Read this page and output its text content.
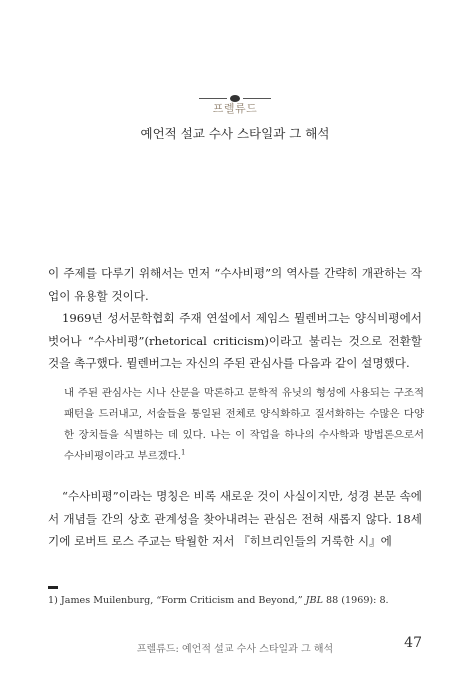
프렐류드
예언적 설교 수사 스타일과 그 해석

이 주제를 다루기 위해서는 먼저 “수사비평”의 역사를 간략히 개관하는 작업이 유용할 것이다.

1969년 성서문학협회 주재 연설에서 제임스 뮐렌버그는 양식비평에서 벗어나 “수사비평”(rhetorical criticism)이라고 불리는 것으로 전환할 것을 촉구했다. 뮐렌버그는 자신의 주된 관심사를 다음과 같이 설명했다.

내 주된 관심사는 시나 산문을 막론하고 문학적 유닛의 형성에 사용되는 구조적 패턴을 드러내고, 서술들을 통일된 전체로 양식화하고 질서화하는 수많은 다양한 장치들을 식별하는 데 있다. 나는 이 작업을 하나의 수사학과 방법론으로서 수사비평이라고 부르겠다.$^1$

“수사비평”이라는 명칭은 비록 새로운 것이 사실이지만, 성경 본문 속에서 개념들 간의 상호 관계성을 찾아내려는 관심은 전혀 새롭지 않다. 18세기에 로버트 로스 주교는 탁월한 저서 『히브리인들의 거룩한 시』에

1) James Muilenburg, “Form Criticism and Beyond,” JBL 88 (1969): 8.
프렐류드: 예언적 설교 수사 스타일과 그 해석	47
